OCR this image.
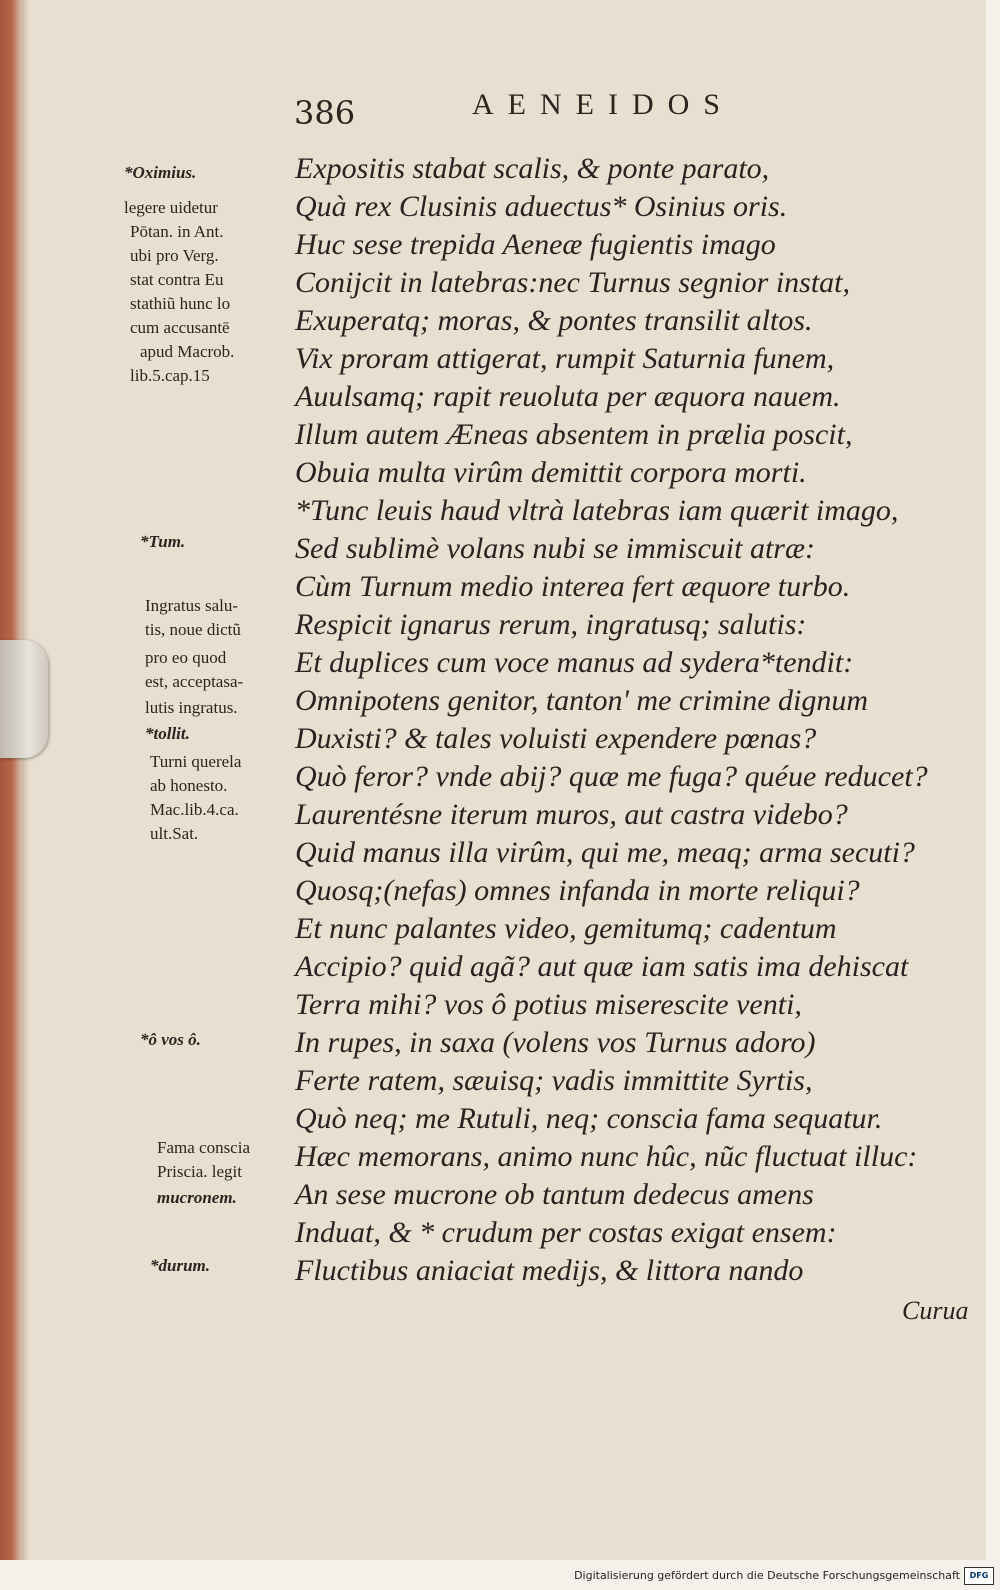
386	AENEIDOS
*Oximius.
legere uidetur
Pōtan. in Ant.
ubi pro Verg.
stat contra Eu
stathiũ hunc lo
cum accusantē
apud Macrob.
lib.5.cap.15
*Tum.
Ingratus salu-
tis, noue dictũ
pro eo quod
est, acceptasa-
lutis ingratus.
*tollit.
Turni querela
ab honesto.
Mac.lib.4.ca.
ult.Sat.
*ô vos ô.
Fama conscia
Priscia. legit
mucronem.
*durum.
Expositis stabat scalis, & ponte parato,
Quà rex Clusinis aduectus* Osinius oris.
Huc sese trepida Aeneæ fugientis imago
Conijcit in latebras:nec Turnus segnior instat,
Exuperatq; moras, & pontes transilit altos.
Vix proram attigerat, rumpit Saturnia funem,
Auulsamq; rapit reuoluta per æquora nauem.
Illum autem Æneas absentem in prælia poscit,
Obuia multa virûm demittit corpora morti.
*Tunc leuis haud vltrà latebras iam quærit imago,
Sed sublimè volans nubi se immiscuit atræ:
Cùm Turnum medio interea fert æquore turbo.
Respicit ignarus rerum, ingratusq; salutis:
Et duplices cum voce manus ad sydera*tendit:
Omnipotens genitor, tanton' me crimine dignum
Duxisti? & tales voluisti expendere pœnas?
Quò feror? vnde abij? quæ me fuga? quéue reducet?
Laurentésne iterum muros, aut castra videbo?
Quid manus illa virûm, qui me, meaq; arma secuti?
Quosq;(nefas) omnes infanda in morte reliqui?
Et nunc palantes video, gemitumq; cadentum
Accipio? quid agã? aut quæ iam satis ima dehiscat
Terra mihi? vos ô potius miserescite venti,
In rupes, in saxa (volens vos Turnus adoro)
Ferte ratem, sæuisq; vadis immittite Syrtis,
Quò neq; me Rutuli, neq; conscia fama sequatur.
Hæc memorans, animo nunc hûc, nũc fluctuat illuc:
An sese mucrone ob tantum dedecus amens
Induat, & * crudum per costas exigat ensem:
Fluctibus aniaciat medijs, & littora nando
Curua
Digitalisierung gefördert durch die Deutsche Forschungsgemeinschaft	DFG
